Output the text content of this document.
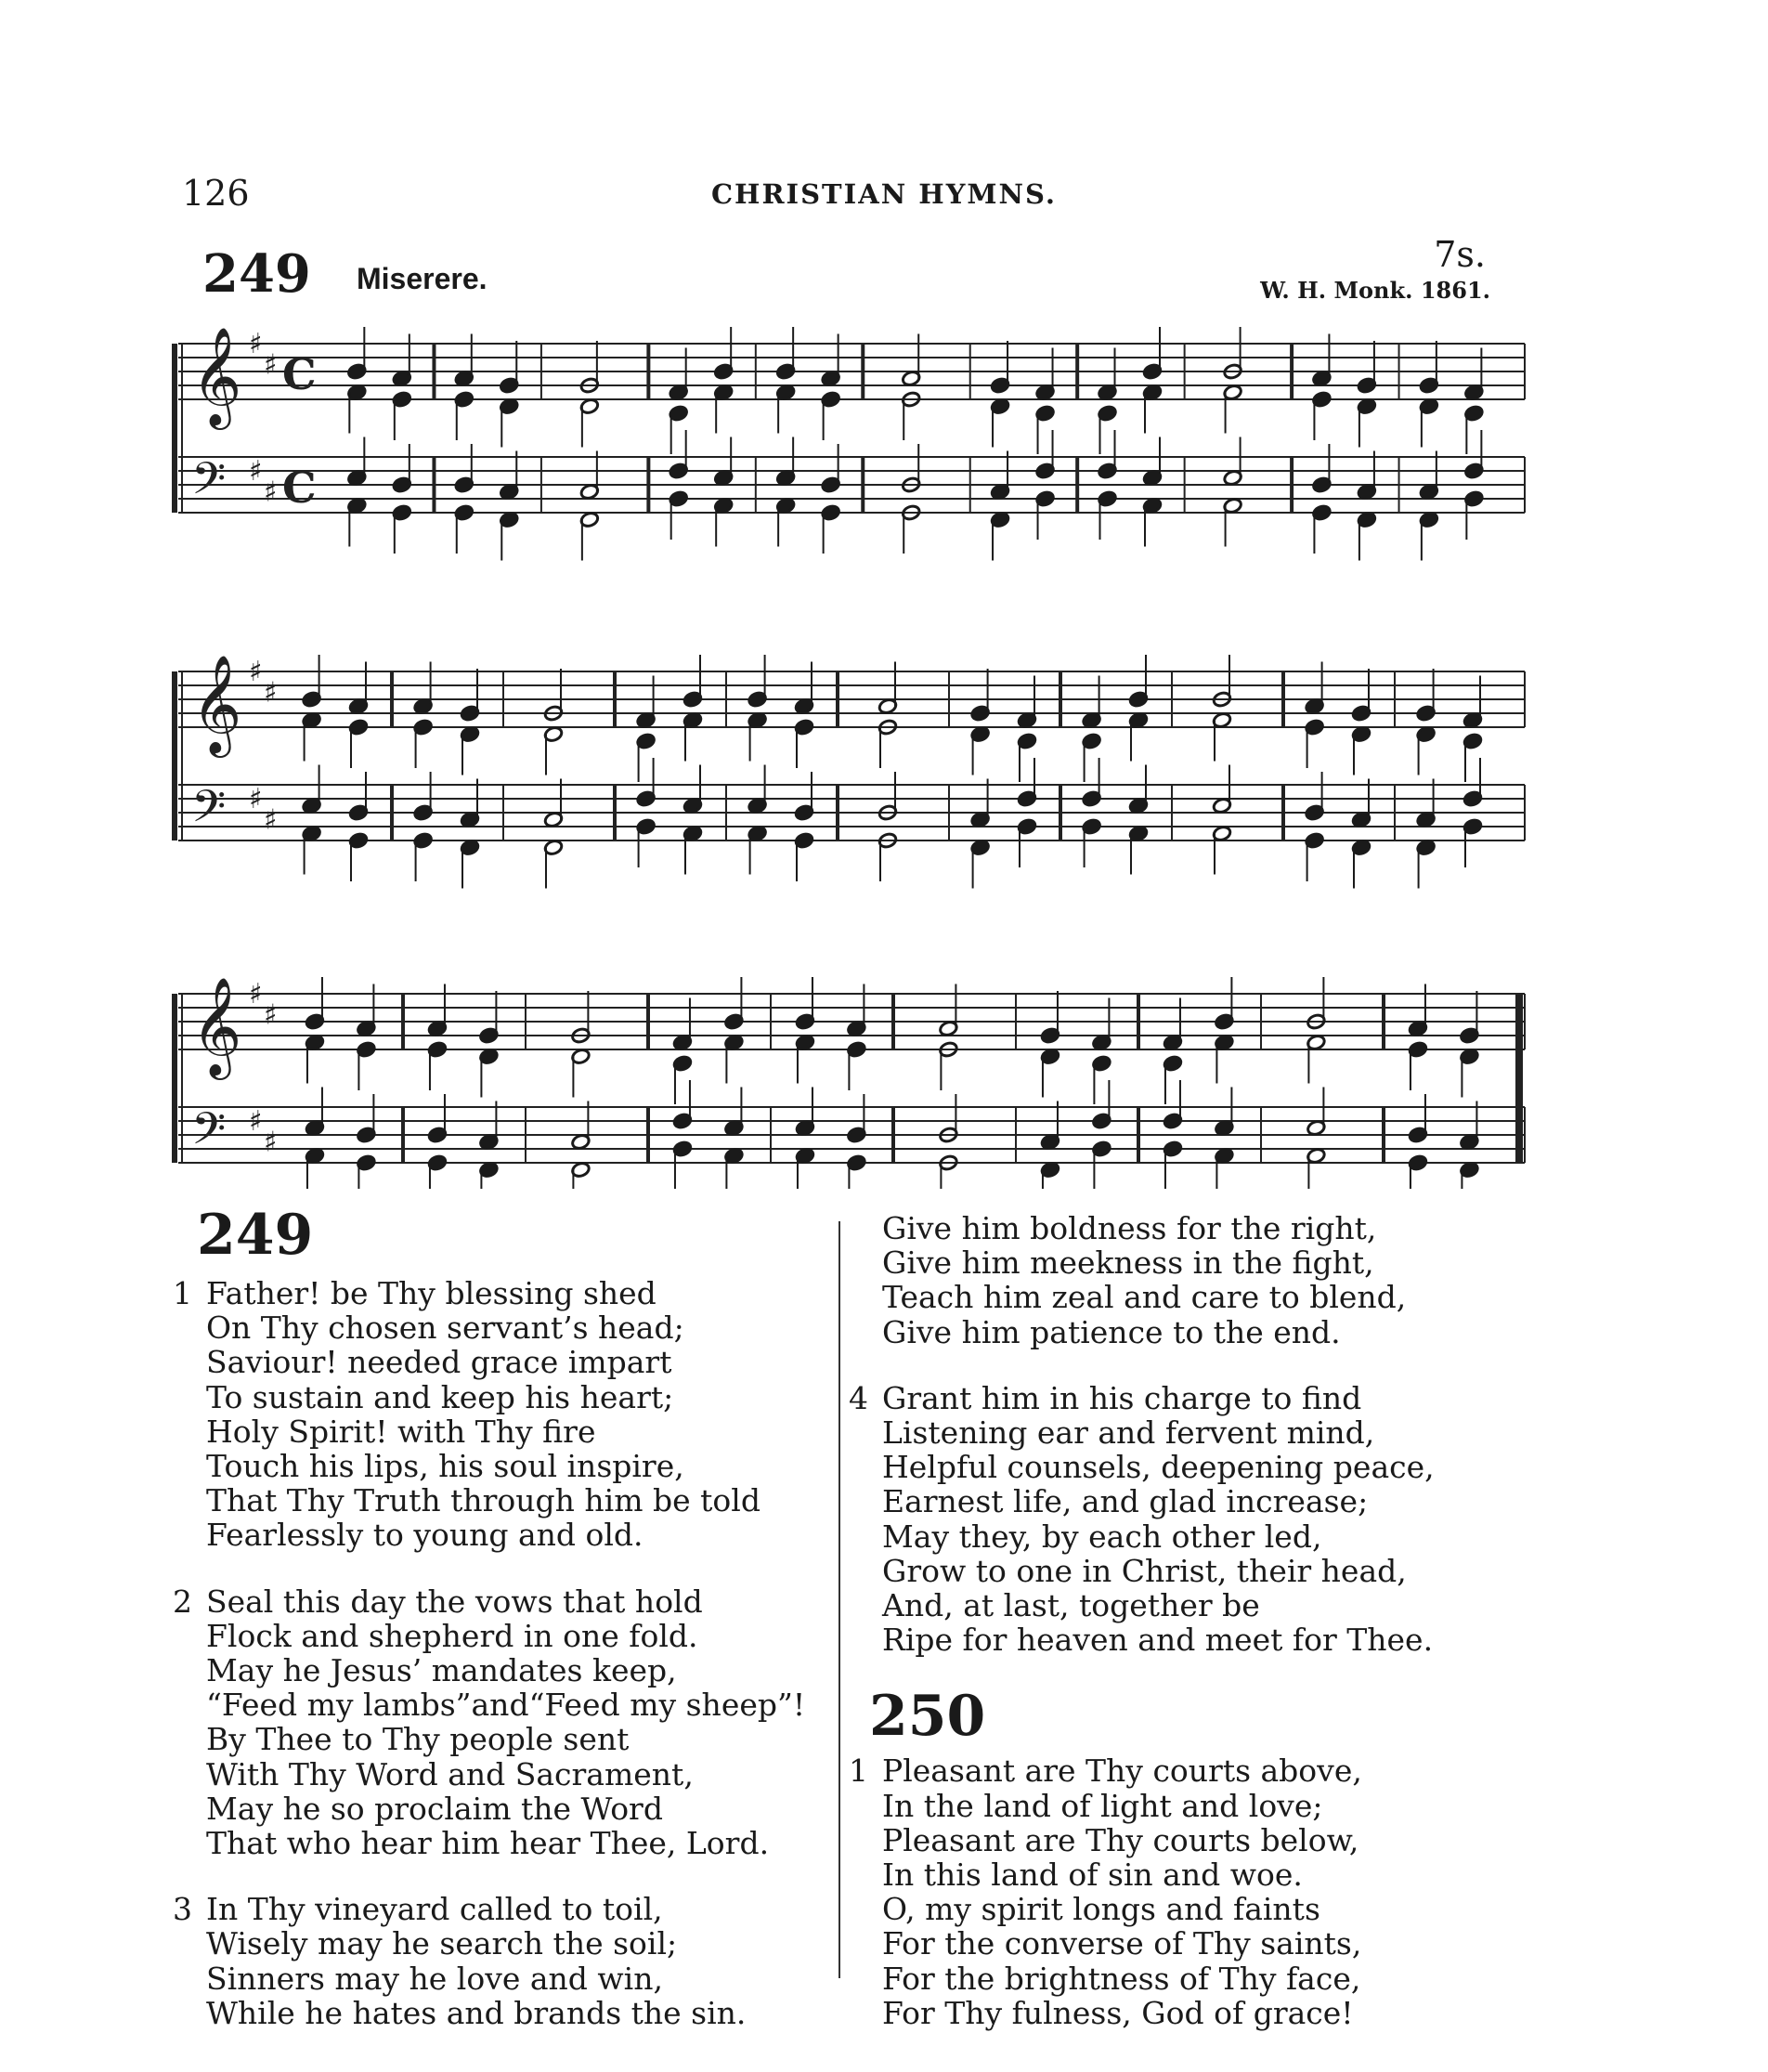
126	CHRISTIAN HYMNS.
249 Miserere.
7s.
W. H. Monk. 1861.
𝄞 ♯
♯ C
𝄢 ♯
♯ C
𝄞 ♯
♯
𝄢 ♯
♯
𝄞 ♯
♯
𝄢 ♯
♯
249
1 Father! be Thy blessing shed
On Thy chosen servant’s head;
Saviour! needed grace impart
To sustain and keep his heart;
Holy Spirit! with Thy fire
Touch his lips, his soul inspire,
That Thy Truth through him be told
Fearlessly to young and old.
2 Seal this day the vows that hold
Flock and shepherd in one fold.
May he Jesus’ mandates keep,
“Feed my lambs”and“Feed my sheep”!
By Thee to Thy people sent
With Thy Word and Sacrament,
May he so proclaim the Word
That who hear him hear Thee, Lord.
3 In Thy vineyard called to toil,
Wisely may he search the soil;
Sinners may he love and win,
While he hates and brands the sin.
Give him boldness for the right,
Give him meekness in the fight,
Teach him zeal and care to blend,
Give him patience to the end.
4 Grant him in his charge to find
Listening ear and fervent mind,
Helpful counsels, deepening peace,
Earnest life, and glad increase;
May they, by each other led,
Grow to one in Christ, their head,
And, at last, together be
Ripe for heaven and meet for Thee.
250
1 Pleasant are Thy courts above,
In the land of light and love;
Pleasant are Thy courts below,
In this land of sin and woe.
O, my spirit longs and faints
For the converse of Thy saints,
For the brightness of Thy face,
For Thy fulness, God of grace!
